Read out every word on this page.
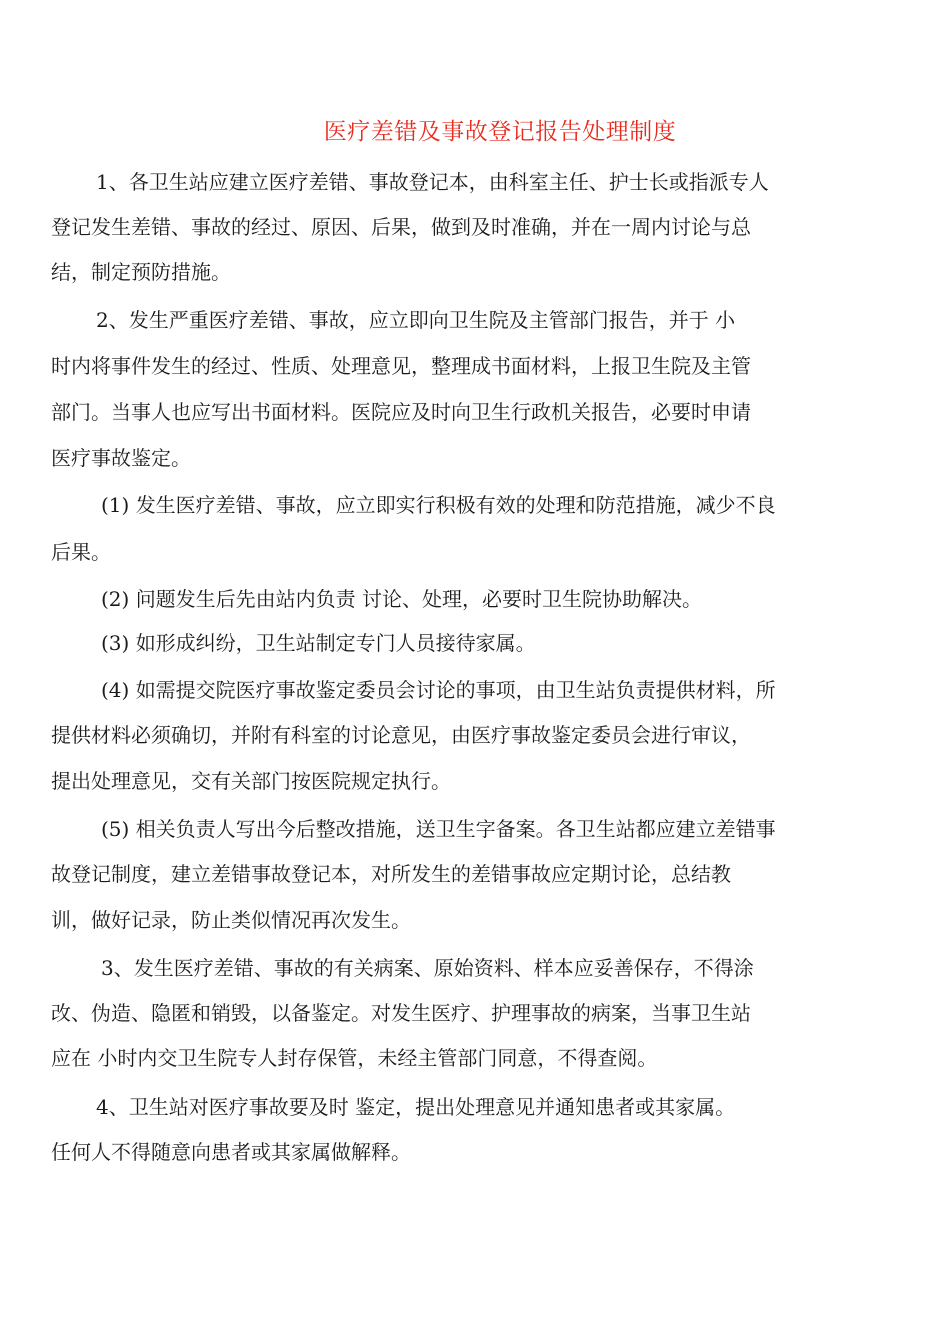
医疗差错及事故登记报告处理制度
1、各卫生站应建立医疗差错、事故登记本，由科室主任、护士长或指派专人
登记发生差错、事故的经过、原因、后果，做到及时准确，并在一周内讨论与总
结，制定预防措施。
2、发生严重医疗差错、事故，应立即向卫生院及主管部门报告，并于 小
时内将事件发生的经过、性质、处理意见，整理成书面材料，上报卫生院及主管
部门。当事人也应写出书面材料。医院应及时向卫生行政机关报告，必要时申请
医疗事故鉴定。
(1) 发生医疗差错、事故，应立即实行积极有效的处理和防范措施，减少不良
后果。
(2) 问题发生后先由站内负责 讨论、处理，必要时卫生院协助解决。
(3) 如形成纠纷，卫生站制定专门人员接待家属。
(4) 如需提交院医疗事故鉴定委员会讨论的事项，由卫生站负责提供材料，所
提供材料必须确切，并附有科室的讨论意见，由医疗事故鉴定委员会进行审议，
提出处理意见，交有关部门按医院规定执行。
(5) 相关负责人写出今后整改措施，送卫生字备案。各卫生站都应建立差错事
故登记制度，建立差错事故登记本，对所发生的差错事故应定期讨论，总结教
训，做好记录，防止类似情况再次发生。
3、发生医疗差错、事故的有关病案、原始资料、样本应妥善保存，不得涂
改、伪造、隐匿和销毁，以备鉴定。对发生医疗、护理事故的病案，当事卫生站
应在 小时内交卫生院专人封存保管，未经主管部门同意，不得查阅。
4、卫生站对医疗事故要及时 鉴定，提出处理意见并通知患者或其家属。
任何人不得随意向患者或其家属做解释。
